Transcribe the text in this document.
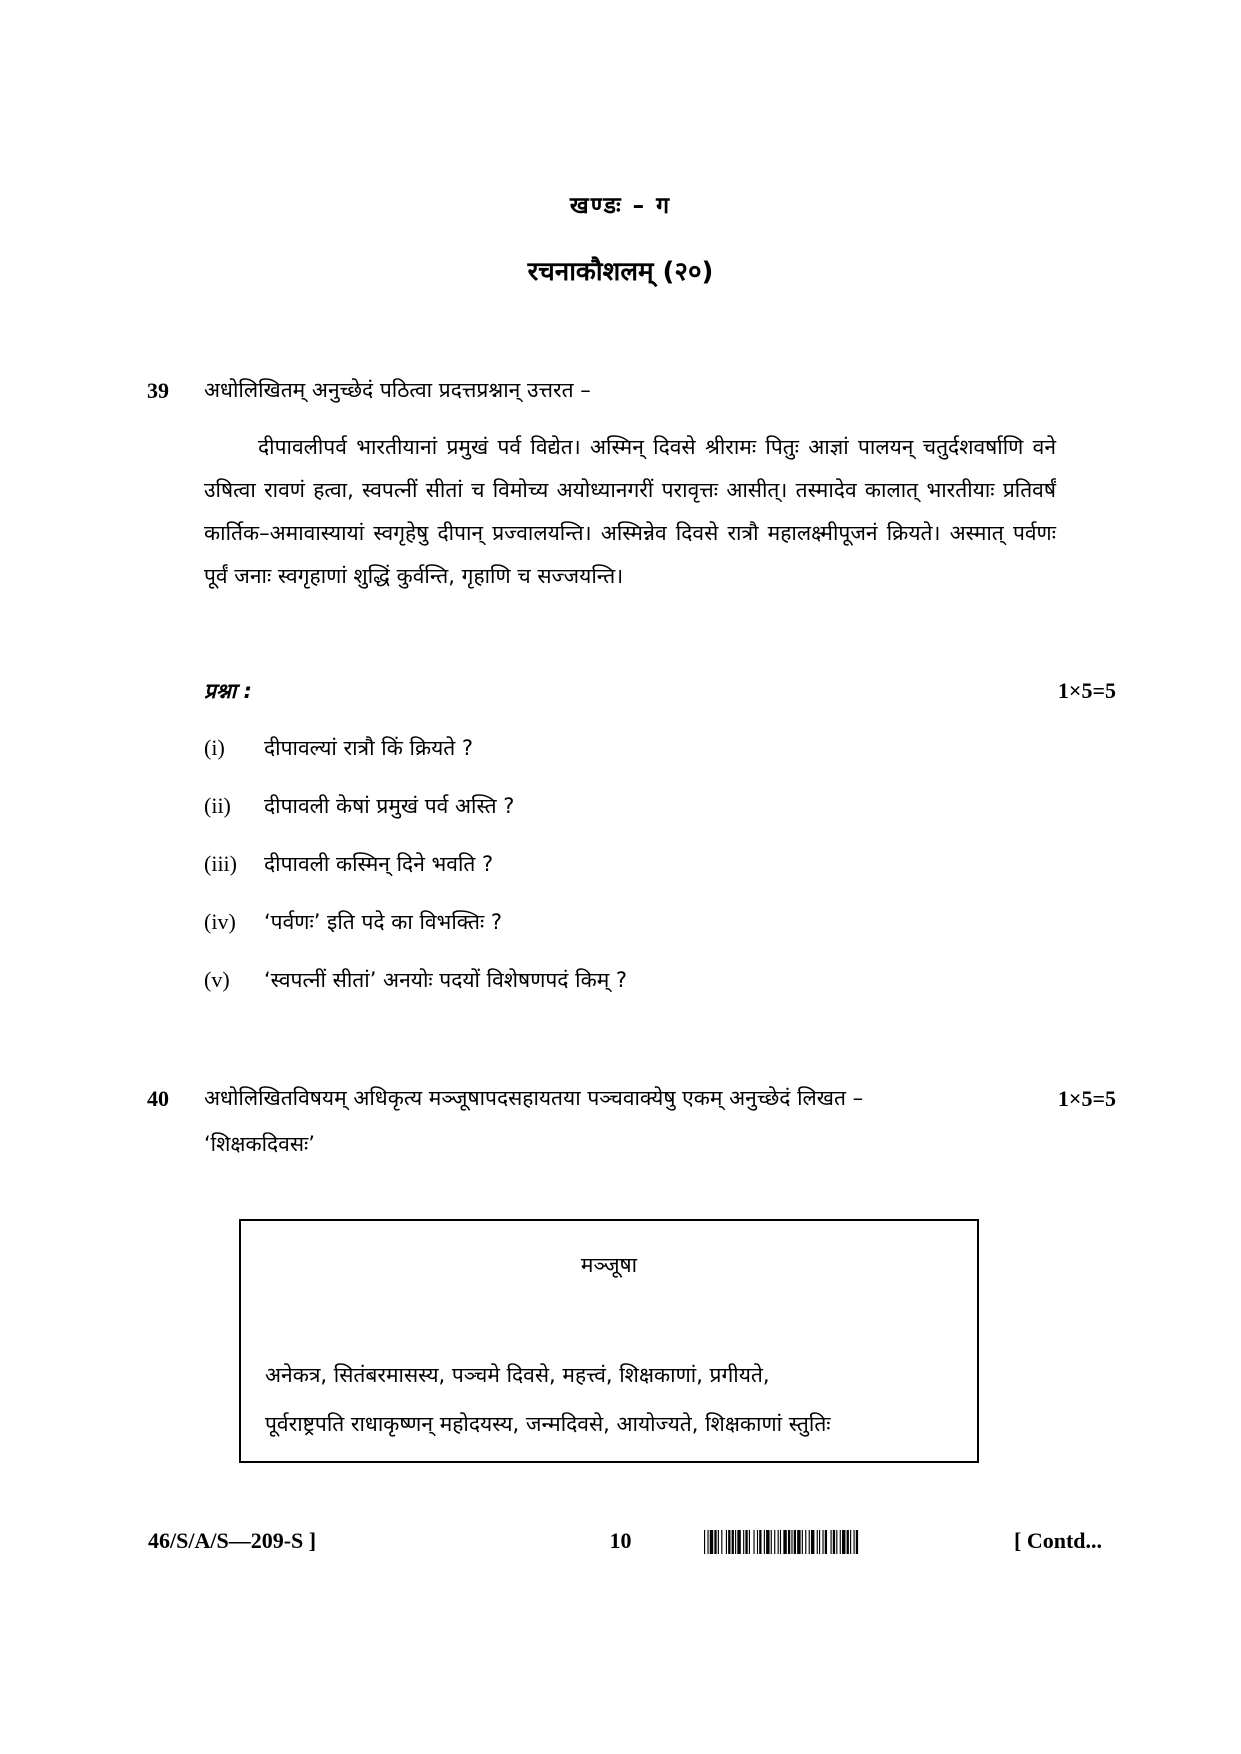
खण्डः – ग
रचनाकौशलम् (२०)
39 अधोलिखितम् अनुच्छेदं पठित्वा प्रदत्तप्रश्नान् उत्तरत –
दीपावलीपर्व भारतीयानां प्रमुखं पर्व विद्येत। अस्मिन् दिवसे श्रीरामः पितुः आज्ञां पालयन् चतुर्दशवर्षाणि वने उषित्वा रावणं हत्वा, स्वपत्नीं सीतां च विमोच्य अयोध्यानगरीं परावृत्तः आसीत्। तस्मादेव कालात् भारतीयाः प्रतिवर्षं कार्तिक–अमावास्यायां स्वगृहेषु दीपान् प्रज्वालयन्ति। अस्मिन्नेव दिवसे रात्रौ महालक्ष्मीपूजनं क्रियते। अस्मात् पर्वणः पूर्वं जनाः स्वगृहाणां शुद्धिं कुर्वन्ति, गृहाणि च सज्जयन्ति।
प्रश्ना :	1×5=5
(i) दीपावल्यां रात्रौ किं क्रियते ?
(ii) दीपावली केषां प्रमुखं पर्व अस्ति ?
(iii) दीपावली कस्मिन् दिने भवति ?
(iv) ‘पर्वणः’ इति पदे का विभक्तिः ?
(v) ‘स्वपत्नीं सीतां’ अनयोः पदयों विशेषणपदं किम् ?
40 अधोलिखितविषयम् अधिकृत्य मञ्जूषापदसहायतया पञ्चवाक्येषु एकम् अनुच्छेदं लिखत –	1×5=5
‘शिक्षकदिवसः’
मञ्जूषा
अनेकत्र, सितंबरमासस्य, पञ्चमे दिवसे, महत्त्वं, शिक्षकाणां, प्रगीयते,
पूर्वराष्ट्रपति राधाकृष्णन् महोदयस्य, जन्मदिवसे, आयोज्यते, शिक्षकाणां स्तुतिः
46/S/A/S—209-S ]	10	[ Contd...
